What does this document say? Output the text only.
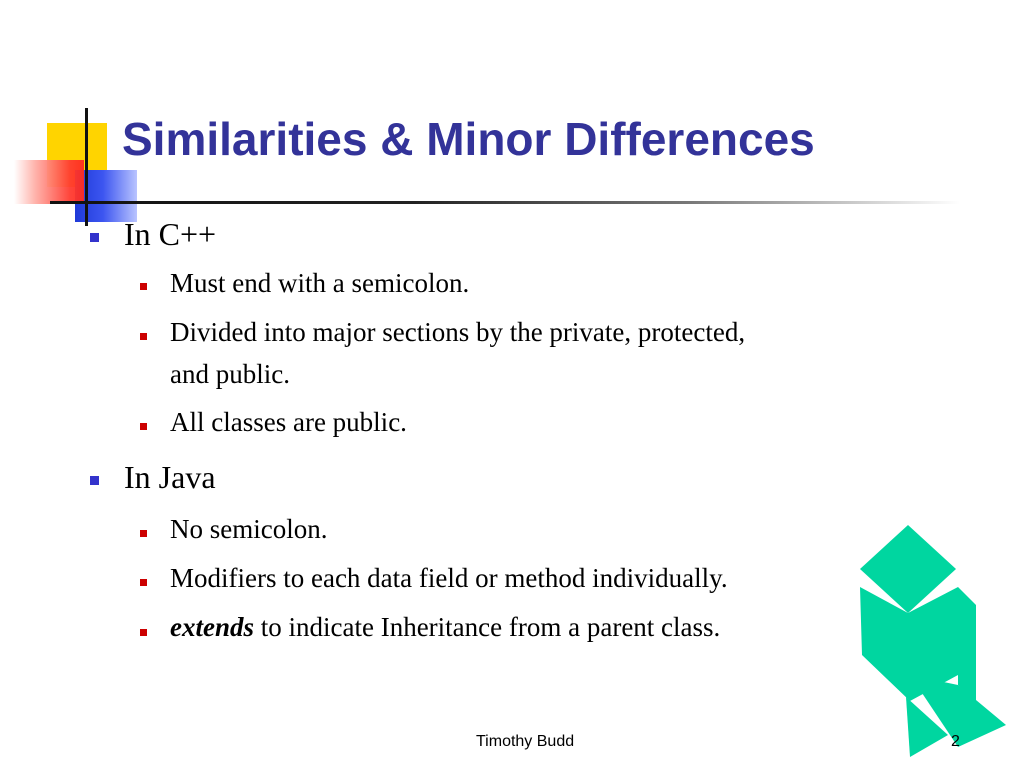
Similarities & Minor Differences
In C++
Must end with a semicolon.
Divided into major sections by the private, protected,
and public.
All classes are public.
In Java
No semicolon.
Modifiers to each data field or method individually.
extends to indicate Inheritance from a parent class.
Timothy Budd	2
